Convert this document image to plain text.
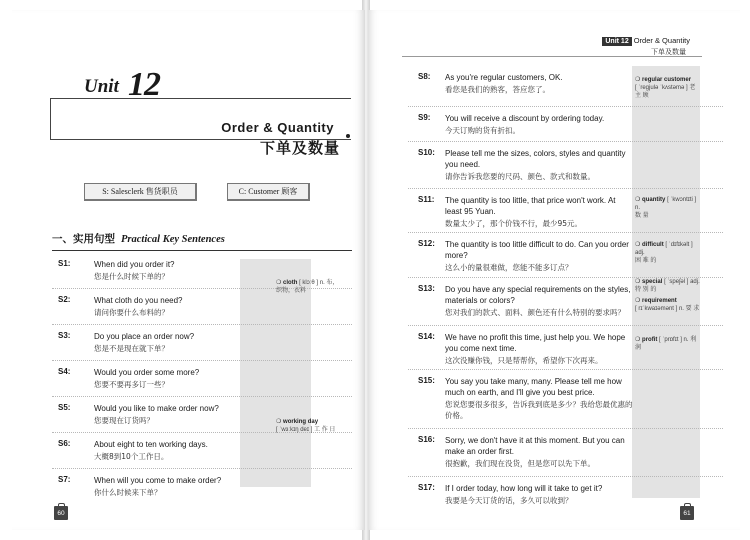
Unit 12
Order & Quantity
下单及数量
S: Salesclerk 售货职员	C: Customer 顾客
一、实用句型 Practical Key Sentences
S1:	When did you order it?
您是什么时候下单的？
S2:	What cloth do you need?
请问你要什么布料的？
S3:	Do you place an order now?
您是不是现在就下单？
S4:	Would you order some more?
您要不要再多订一些？
S5:	Would you like to make order now?
您要现在订货吗？
S6:	About eight to ten working days.
大概8到10个工作日。
S7:	When will you come to make order?
你什么时候来下单？
❍ cloth [ klɔːθ ] n. 布，
织物，衣料
❍ working day
[ ˈwɜːkɪŋ deɪ ] 工 作 日
60
Unit 12 Order & Quantity
下单及数量
S8: As you're regular customers, OK.
看您是我们的熟客，答应您了。
S9: You will receive a discount by ordering today.
今天订购的货有折扣。
S10: Please tell me the sizes, colors, styles and quantity you need.
请你告诉我您要的尺码、颜色、款式和数量。
S11: The quantity is too little, that price won't work. At least 95 Yuan.
数量太少了，那个价钱不行，最少95元。
S12: The quantity is too little difficult to do. Can you order more?
这么小的量很难做，您能不能多订点？
S13: Do you have any special requirements on the styles, materials or colors?
您对我们的款式、面料、颜色还有什么特别的要求吗？
S14: We have no profit this time, just help you. We hope you come next time.
这次没赚你钱，只是帮帮你，希望你下次再来。
S15: You say you take many, many. Please tell me how much on earth, and I'll give you best price.
您说您要很多很多，告诉我到底是多少？我给您最优惠的价格。
S16: Sorry, we don't have it at this moment. But you can make an order first.
很抱歉，我们现在没货，但是您可以先下单。
S17: If I order today, how long will it take to get it?
我要是今天订货的话，多久可以收到？
❍ regular customer
[ ˈregjulə ˈkʌstəmə ] 老 主 顾
❍ quantity [ ˈkwɔntɪti ] n.
数 量
❍ difficult [ ˈdɪfɪkəlt ] adj.
困 难 的
❍ special [ ˈspeʃəl ] adj.
特 别 的
❍ requirement
[ rɪˈkwaɪəmənt ] n. 要 求
❍ profit [ ˈprɒfɪt ] n. 利 润
61
